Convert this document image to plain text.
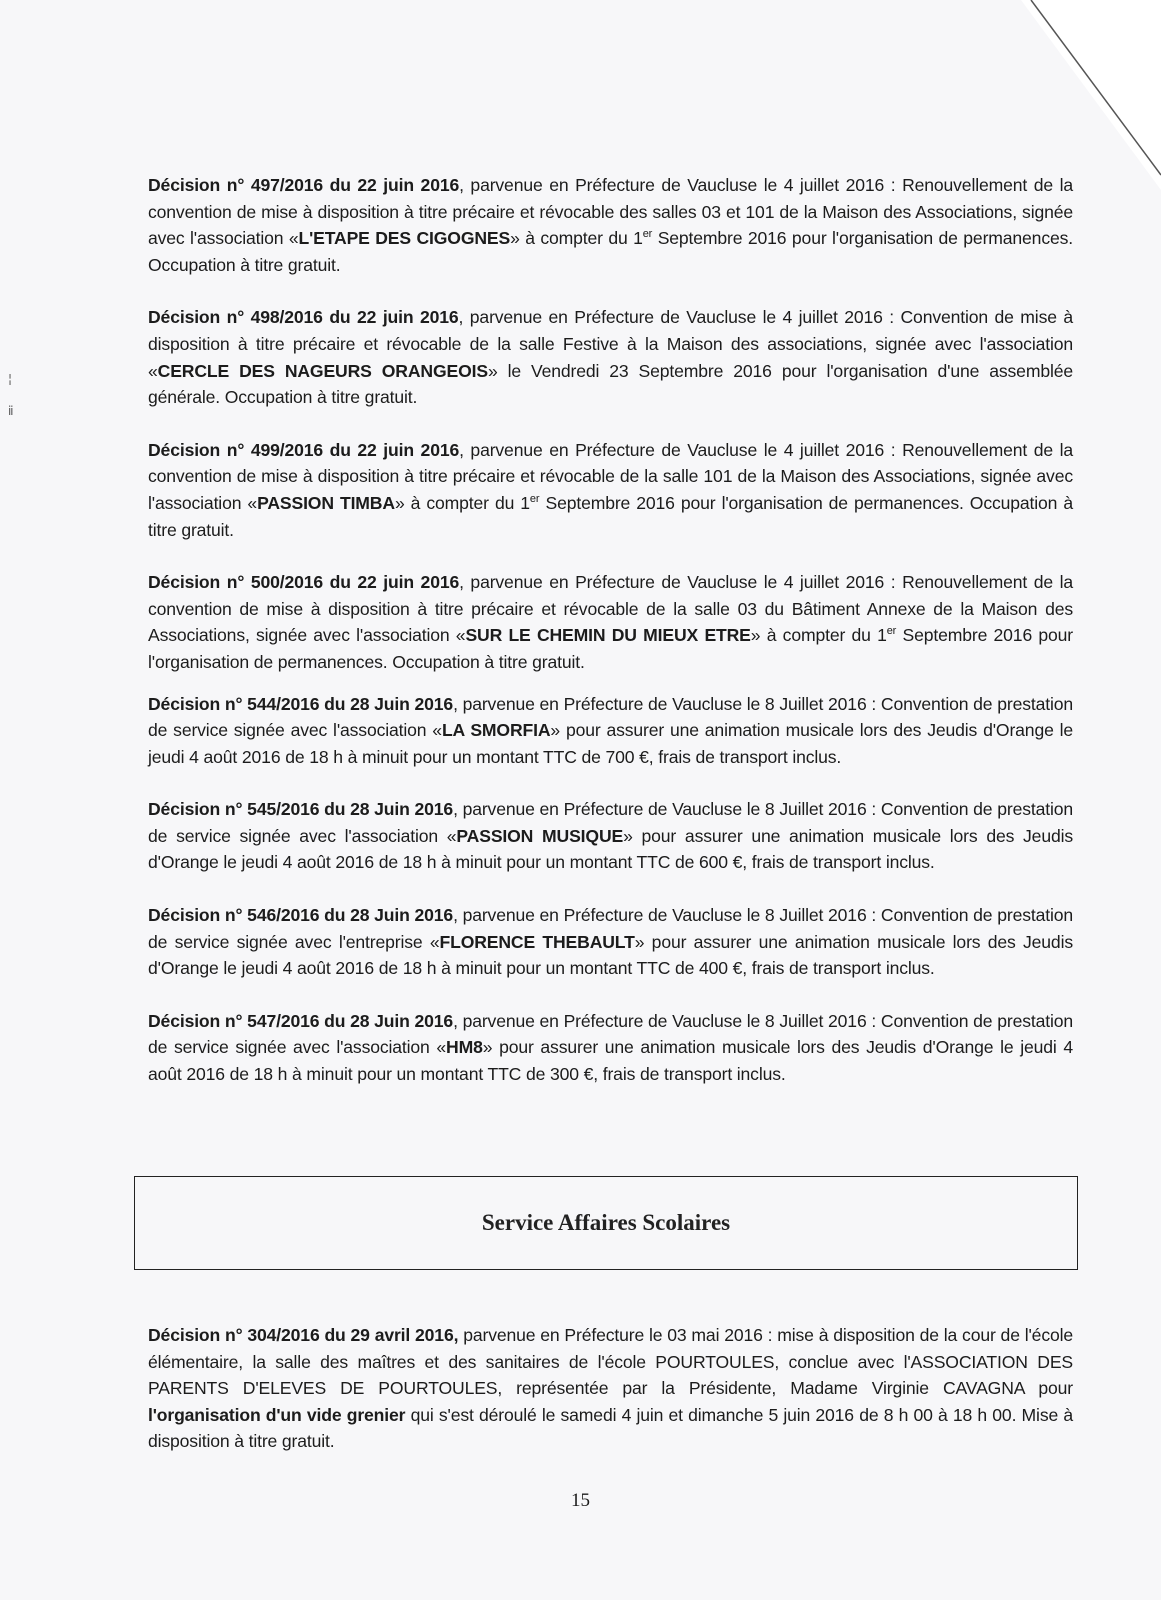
¦
ⅱ

Décision n° 497/2016 du 22 juin 2016, parvenue en Préfecture de Vaucluse le 4 juillet 2016 : Renouvellement de la convention de mise à disposition à titre précaire et révocable des salles 03 et 101 de la Maison des Associations, signée avec l'association «L'ETAPE DES CIGOGNES» à compter du 1er Septembre 2016 pour l'organisation de permanences. Occupation à titre gratuit.

Décision n° 498/2016 du 22 juin 2016, parvenue en Préfecture de Vaucluse le 4 juillet 2016 : Convention de mise à disposition à titre précaire et révocable de la salle Festive à la Maison des associations, signée avec l'association «CERCLE DES NAGEURS ORANGEOIS» le Vendredi 23 Septembre 2016 pour l'organisation d'une assemblée générale. Occupation à titre gratuit.

Décision n° 499/2016 du 22 juin 2016, parvenue en Préfecture de Vaucluse le 4 juillet 2016 : Renouvellement de la convention de mise à disposition à titre précaire et révocable de la salle 101 de la Maison des Associations, signée avec l'association «PASSION TIMBA» à compter du 1er Septembre 2016 pour l'organisation de permanences. Occupation à titre gratuit.

Décision n° 500/2016 du 22 juin 2016, parvenue en Préfecture de Vaucluse le 4 juillet 2016 : Renouvellement de la convention de mise à disposition à titre précaire et révocable de la salle 03 du Bâtiment Annexe de la Maison des Associations, signée avec l'association «SUR LE CHEMIN DU MIEUX ETRE» à compter du 1er Septembre 2016 pour l'organisation de permanences. Occupation à titre gratuit.

Décision n° 544/2016 du 28 Juin 2016, parvenue en Préfecture de Vaucluse le 8 Juillet 2016 : Convention de prestation de service signée avec l'association «LA SMORFIA» pour assurer une animation musicale lors des Jeudis d'Orange le jeudi 4 août 2016 de 18 h à minuit pour un montant TTC de 700 €, frais de transport inclus.

Décision n° 545/2016 du 28 Juin 2016, parvenue en Préfecture de Vaucluse le 8 Juillet 2016 : Convention de prestation de service signée avec l'association «PASSION MUSIQUE» pour assurer une animation musicale lors des Jeudis d'Orange le jeudi 4 août 2016 de 18 h à minuit pour un montant TTC de 600 €, frais de transport inclus.

Décision n° 546/2016 du 28 Juin 2016, parvenue en Préfecture de Vaucluse le 8 Juillet 2016 : Convention de prestation de service signée avec l'entreprise «FLORENCE THEBAULT» pour assurer une animation musicale lors des Jeudis d'Orange le jeudi 4 août 2016 de 18 h à minuit pour un montant TTC de 400 €, frais de transport inclus.

Décision n° 547/2016 du 28 Juin 2016, parvenue en Préfecture de Vaucluse le 8 Juillet 2016 : Convention de prestation de service signée avec l'association «HM8» pour assurer une animation musicale lors des Jeudis d'Orange le jeudi 4 août 2016 de 18 h à minuit pour un montant TTC de 300 €, frais de transport inclus.

Service Affaires Scolaires

Décision n° 304/2016 du 29 avril 2016, parvenue en Préfecture le 03 mai 2016 : mise à disposition de la cour de l'école élémentaire, la salle des maîtres et des sanitaires de l'école POURTOULES, conclue avec l'ASSOCIATION DES PARENTS D'ELEVES DE POURTOULES, représentée par la Présidente, Madame Virginie CAVAGNA pour l'organisation d'un vide grenier qui s'est déroulé le samedi 4 juin et dimanche 5 juin 2016 de 8 h 00 à 18 h 00. Mise à disposition à titre gratuit.

15
